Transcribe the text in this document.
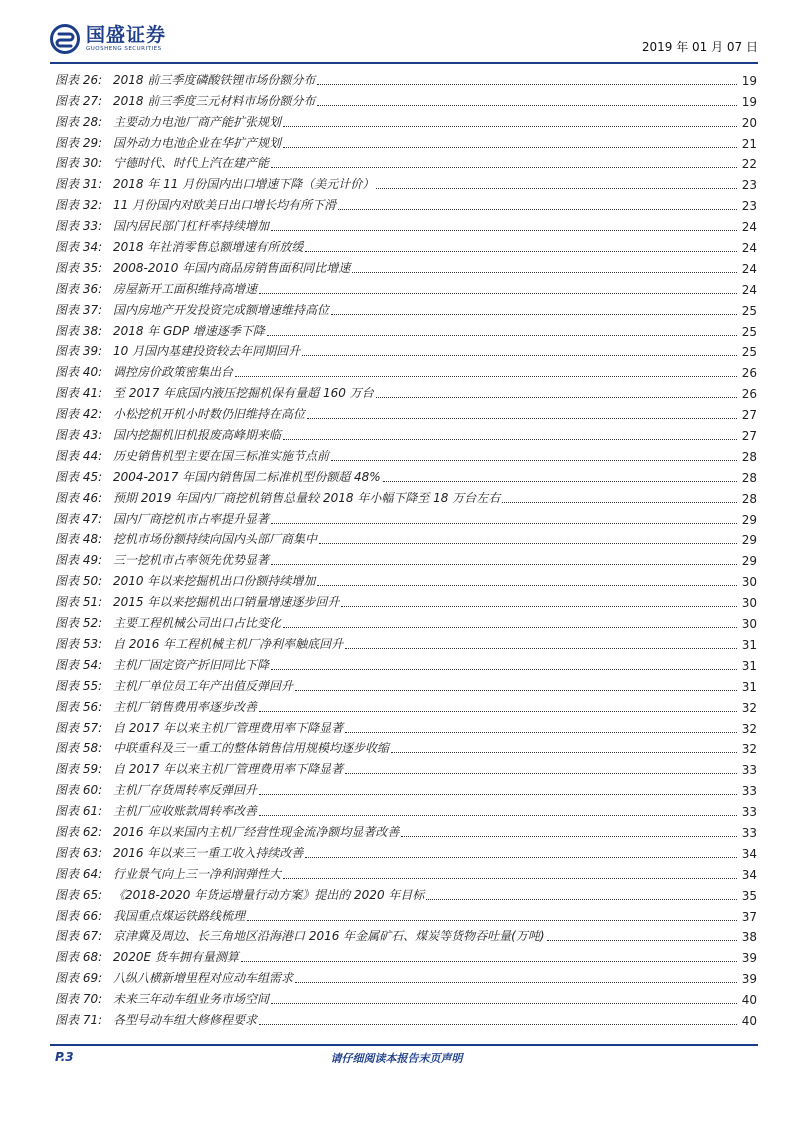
国盛证券
GUOSHENG SECURITIES	2019 年 01 月 07 日
图表 26: 2018 前三季度磷酸铁锂市场份额分布	19
图表 27: 2018 前三季度三元材料市场份额分布	19
图表 28: 主要动力电池厂商产能扩张规划	20
图表 29: 国外动力电池企业在华扩产规划	21
图表 30: 宁德时代、时代上汽在建产能	22
图表 31: 2018 年 11 月份国内出口增速下降（美元计价）	23
图表 32: 11 月份国内对欧美日出口增长均有所下滑	23
图表 33: 国内居民部门杠杆率持续增加	24
图表 34: 2018 年社消零售总额增速有所放缓	24
图表 35: 2008-2010 年国内商品房销售面积同比增速	24
图表 36: 房屋新开工面积维持高增速	24
图表 37: 国内房地产开发投资完成额增速维持高位	25
图表 38: 2018 年 GDP 增速逐季下降	25
图表 39: 10 月国内基建投资较去年同期回升	25
图表 40: 调控房价政策密集出台	26
图表 41: 至 2017 年底国内液压挖掘机保有量超 160 万台	26
图表 42: 小松挖机开机小时数仍旧维持在高位	27
图表 43: 国内挖掘机旧机报废高峰期来临	27
图表 44: 历史销售机型主要在国三标准实施节点前	28
图表 45: 2004-2017 年国内销售国二标准机型份额超 48%	28
图表 46: 预期 2019 年国内厂商挖机销售总量较 2018 年小幅下降至 18 万台左右	28
图表 47: 国内厂商挖机市占率提升显著	29
图表 48: 挖机市场份额持续向国内头部厂商集中	29
图表 49: 三一挖机市占率领先优势显著	29
图表 50: 2010 年以来挖掘机出口份额持续增加	30
图表 51: 2015 年以来挖掘机出口销量增速逐步回升	30
图表 52: 主要工程机械公司出口占比变化	30
图表 53: 自 2016 年工程机械主机厂净利率触底回升	31
图表 54: 主机厂固定资产折旧同比下降	31
图表 55: 主机厂单位员工年产出值反弹回升	31
图表 56: 主机厂销售费用率逐步改善	32
图表 57: 自 2017 年以来主机厂管理费用率下降显著	32
图表 58: 中联重科及三一重工的整体销售信用规模均逐步收缩	32
图表 59: 自 2017 年以来主机厂管理费用率下降显著	33
图表 60: 主机厂存货周转率反弹回升	33
图表 61: 主机厂应收账款周转率改善	33
图表 62: 2016 年以来国内主机厂经营性现金流净额均显著改善	33
图表 63: 2016 年以来三一重工收入持续改善	34
图表 64: 行业景气向上三一净利润弹性大	34
图表 65: 《2018-2020 年货运增量行动方案》提出的 2020 年目标	35
图表 66: 我国重点煤运铁路线梳理	37
图表 67: 京津冀及周边、长三角地区沿海港口 2016 年金属矿石、煤炭等货物吞吐量(万吨)	38
图表 68: 2020E 货车拥有量测算	39
图表 69: 八纵八横新增里程对应动车组需求	39
图表 70: 未来三年动车组业务市场空间	40
图表 71: 各型号动车组大修修程要求	40
P.3	请仔细阅读本报告末页声明
